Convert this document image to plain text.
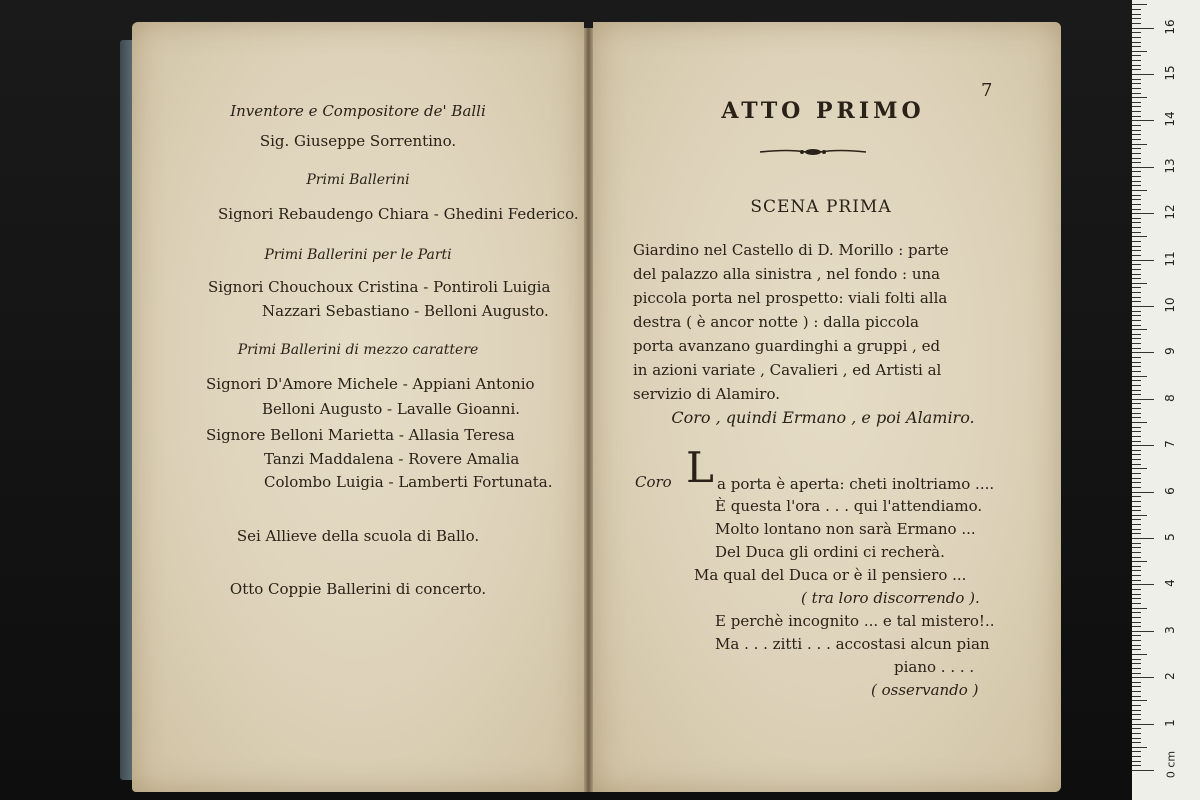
Inventore e Compositore de' Balli
Sig. Giuseppe Sorrentino.
Primi Ballerini
Signori Rebaudengo Chiara - Ghedini Federico.
Primi Ballerini per le Parti
Signori Chouchoux Cristina - Pontiroli Luigia
Nazzari Sebastiano - Belloni Augusto.
Primi Ballerini di mezzo carattere
Signori D'Amore Michele - Appiani Antonio
Belloni Augusto - Lavalle Gioanni.
Signore Belloni Marietta - Allasia Teresa
Tanzi Maddalena - Rovere Amalia
Colombo Luigia - Lamberti Fortunata.
Sei Allieve della scuola di Ballo.
Otto Coppie Ballerini di concerto.
7
ATTO PRIMO
SCENA PRIMA
Giardino nel Castello di D. Morillo : parte
del palazzo alla sinistra , nel fondo : una
piccola porta nel prospetto: viali folti alla
destra ( è ancor notte ) : dalla piccola
porta avanzano guardinghi a gruppi , ed
in azioni variate , Cavalieri , ed Artisti al
servizio di Alamiro.
Coro , quindi Ermano , e poi Alamiro.
Coro L a porta è aperta: cheti inoltriamo ....
È questa l'ora . . . qui l'attendiamo.
Molto lontano non sarà Ermano ...
Del Duca gli ordini ci recherà.
Ma qual del Duca or è il pensiero ...
( tra loro discorrendo ).
E perchè incognito ... e tal mistero!..
Ma . . . zitti . . . accostasi alcun pian
piano . . . .
( osservando )
0 cm
1
2
3
4
5
6
7
8
9
10
11
12
13
14
15
16
